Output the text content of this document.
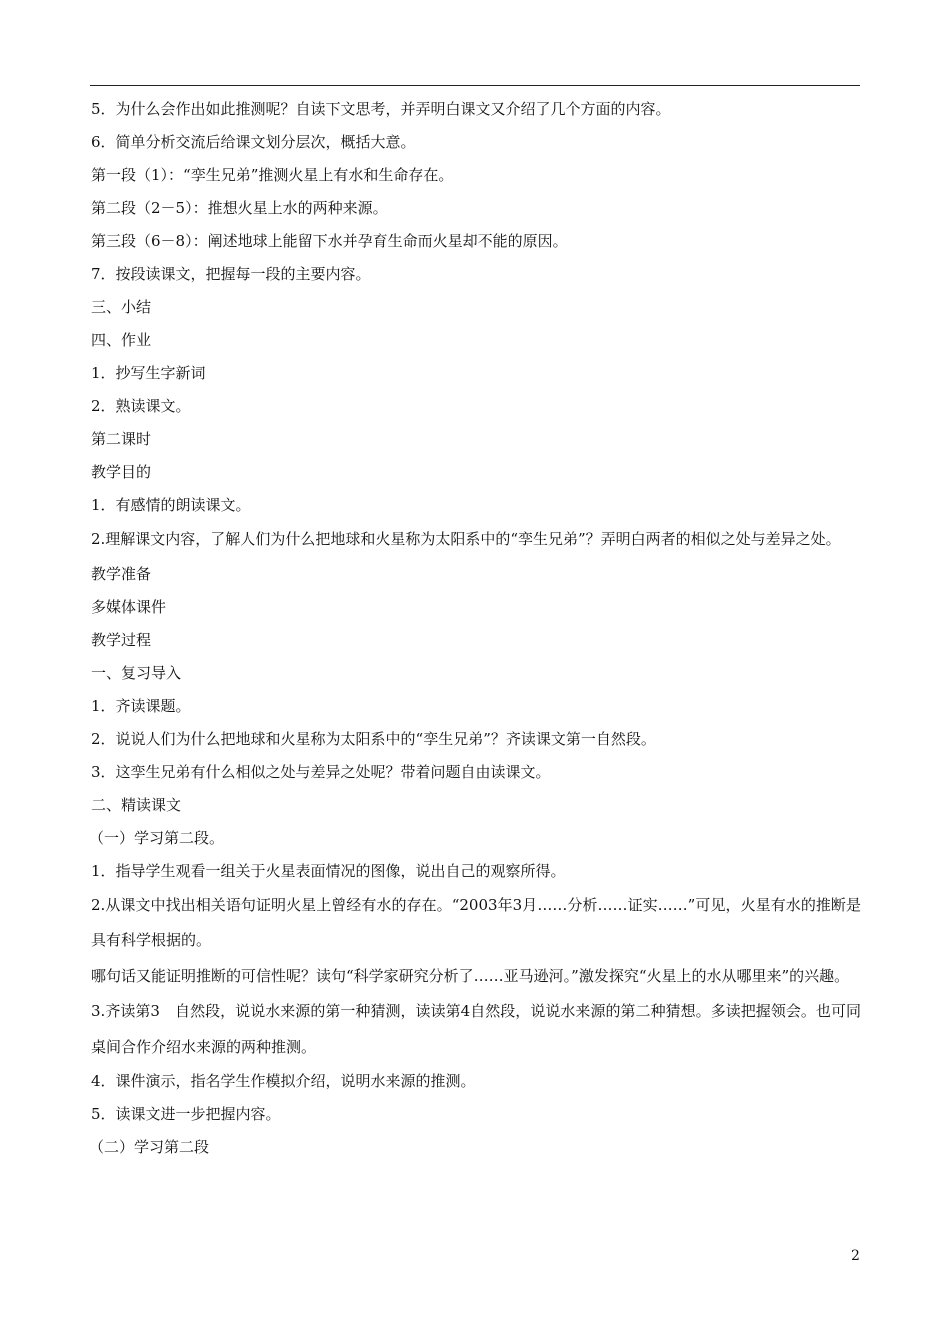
5．为什么会作出如此推测呢？自读下文思考，并弄明白课文又介绍了几个方面的内容。
6．简单分析交流后给课文划分层次，概括大意。
第一段（1）：“孪生兄弟”推测火星上有水和生命存在。
第二段（2－5）：推想火星上水的两种来源。
第三段（6－8）：阐述地球上能留下水并孕育生命而火星却不能的原因。
7．按段读课文，把握每一段的主要内容。
三、小结
四、作业
1．抄写生字新词
2．熟读课文。
第二课时
教学目的
1．有感情的朗读课文。
2.理解课文内容，了解人们为什么把地球和火星称为太阳系中的“孪生兄弟”？弄明白两者的相似之处与差异之处。
教学准备
多媒体课件
教学过程
一、复习导入
1．齐读课题。
2．说说人们为什么把地球和火星称为太阳系中的“孪生兄弟”？齐读课文第一自然段。
3．这孪生兄弟有什么相似之处与差异之处呢？带着问题自由读课文。
二、精读课文
（一）学习第二段。
1．指导学生观看一组关于火星表面情况的图像，说出自己的观察所得。
2.从课文中找出相关语句证明火星上曾经有水的存在。“2003年3月……分析……证实……”可见，火星有水的推断是具有科学根据的。
哪句话又能证明推断的可信性呢？读句“科学家研究分析了……亚马逊河。”激发探究“火星上的水从哪里来”的兴趣。
3.齐读第3　自然段，说说水来源的第一种猜测，读读第4自然段，说说水来源的第二种猜想。多读把握领会。也可同桌间合作介绍水来源的两种推测。
4．课件演示，指名学生作模拟介绍，说明水来源的推测。
5．读课文进一步把握内容。
（二）学习第二段
2
